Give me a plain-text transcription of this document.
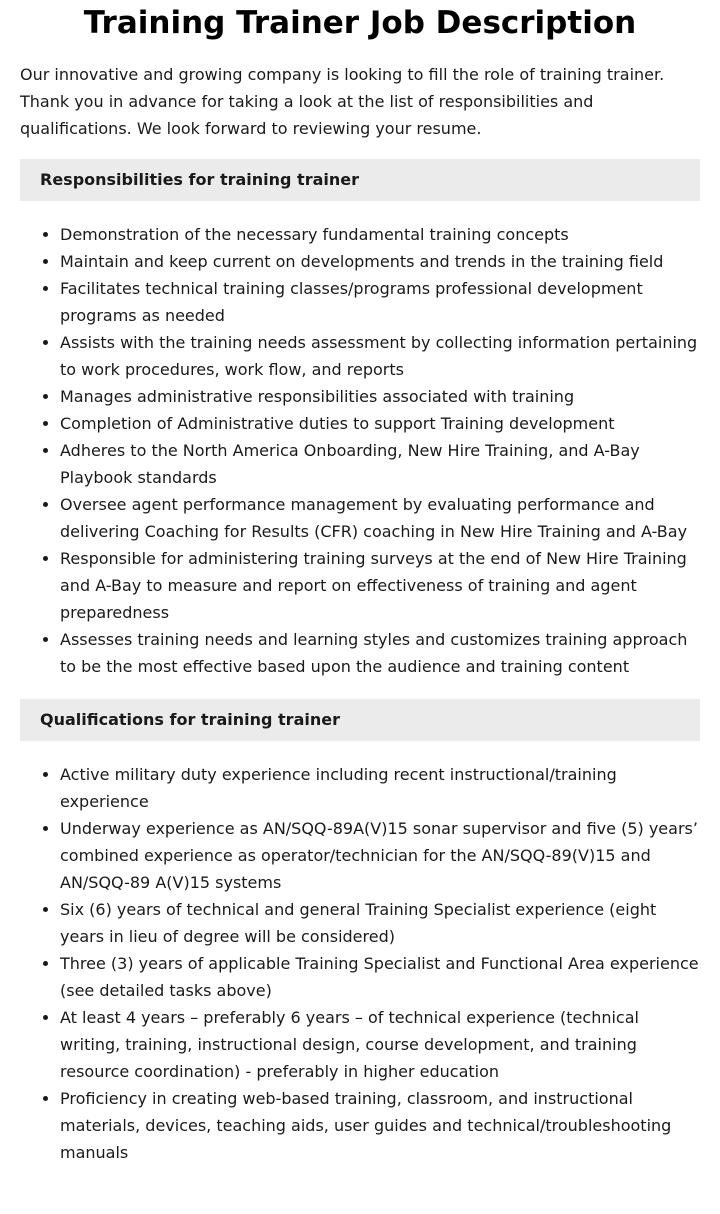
Training Trainer Job Description

Our innovative and growing company is looking to fill the role of training trainer. Thank you in advance for taking a look at the list of responsibilities and qualifications. We look forward to reviewing your resume.

Responsibilities for training trainer
• Demonstration of the necessary fundamental training concepts
• Maintain and keep current on developments and trends in the training field
• Facilitates technical training classes/programs professional development programs as needed
• Assists with the training needs assessment by collecting information pertaining to work procedures, work flow, and reports
• Manages administrative responsibilities associated with training
• Completion of Administrative duties to support Training development
• Adheres to the North America Onboarding, New Hire Training, and A-Bay Playbook standards
• Oversee agent performance management by evaluating performance and delivering Coaching for Results (CFR) coaching in New Hire Training and A-Bay
• Responsible for administering training surveys at the end of New Hire Training and A-Bay to measure and report on effectiveness of training and agent preparedness
• Assesses training needs and learning styles and customizes training approach to be the most effective based upon the audience and training content
Qualifications for training trainer
• Active military duty experience including recent instructional/training experience
• Underway experience as AN/SQQ-89A(V)15 sonar supervisor and five (5) years’ combined experience as operator/technician for the AN/SQQ-89(V)15 and AN/SQQ-89 A(V)15 systems
• Six (6) years of technical and general Training Specialist experience (eight years in lieu of degree will be considered)
• Three (3) years of applicable Training Specialist and Functional Area experience (see detailed tasks above)
• At least 4 years – preferably 6 years – of technical experience (technical writing, training, instructional design, course development, and training resource coordination) - preferably in higher education
• Proficiency in creating web-based training, classroom, and instructional materials, devices, teaching aids, user guides and technical/troubleshooting manuals
